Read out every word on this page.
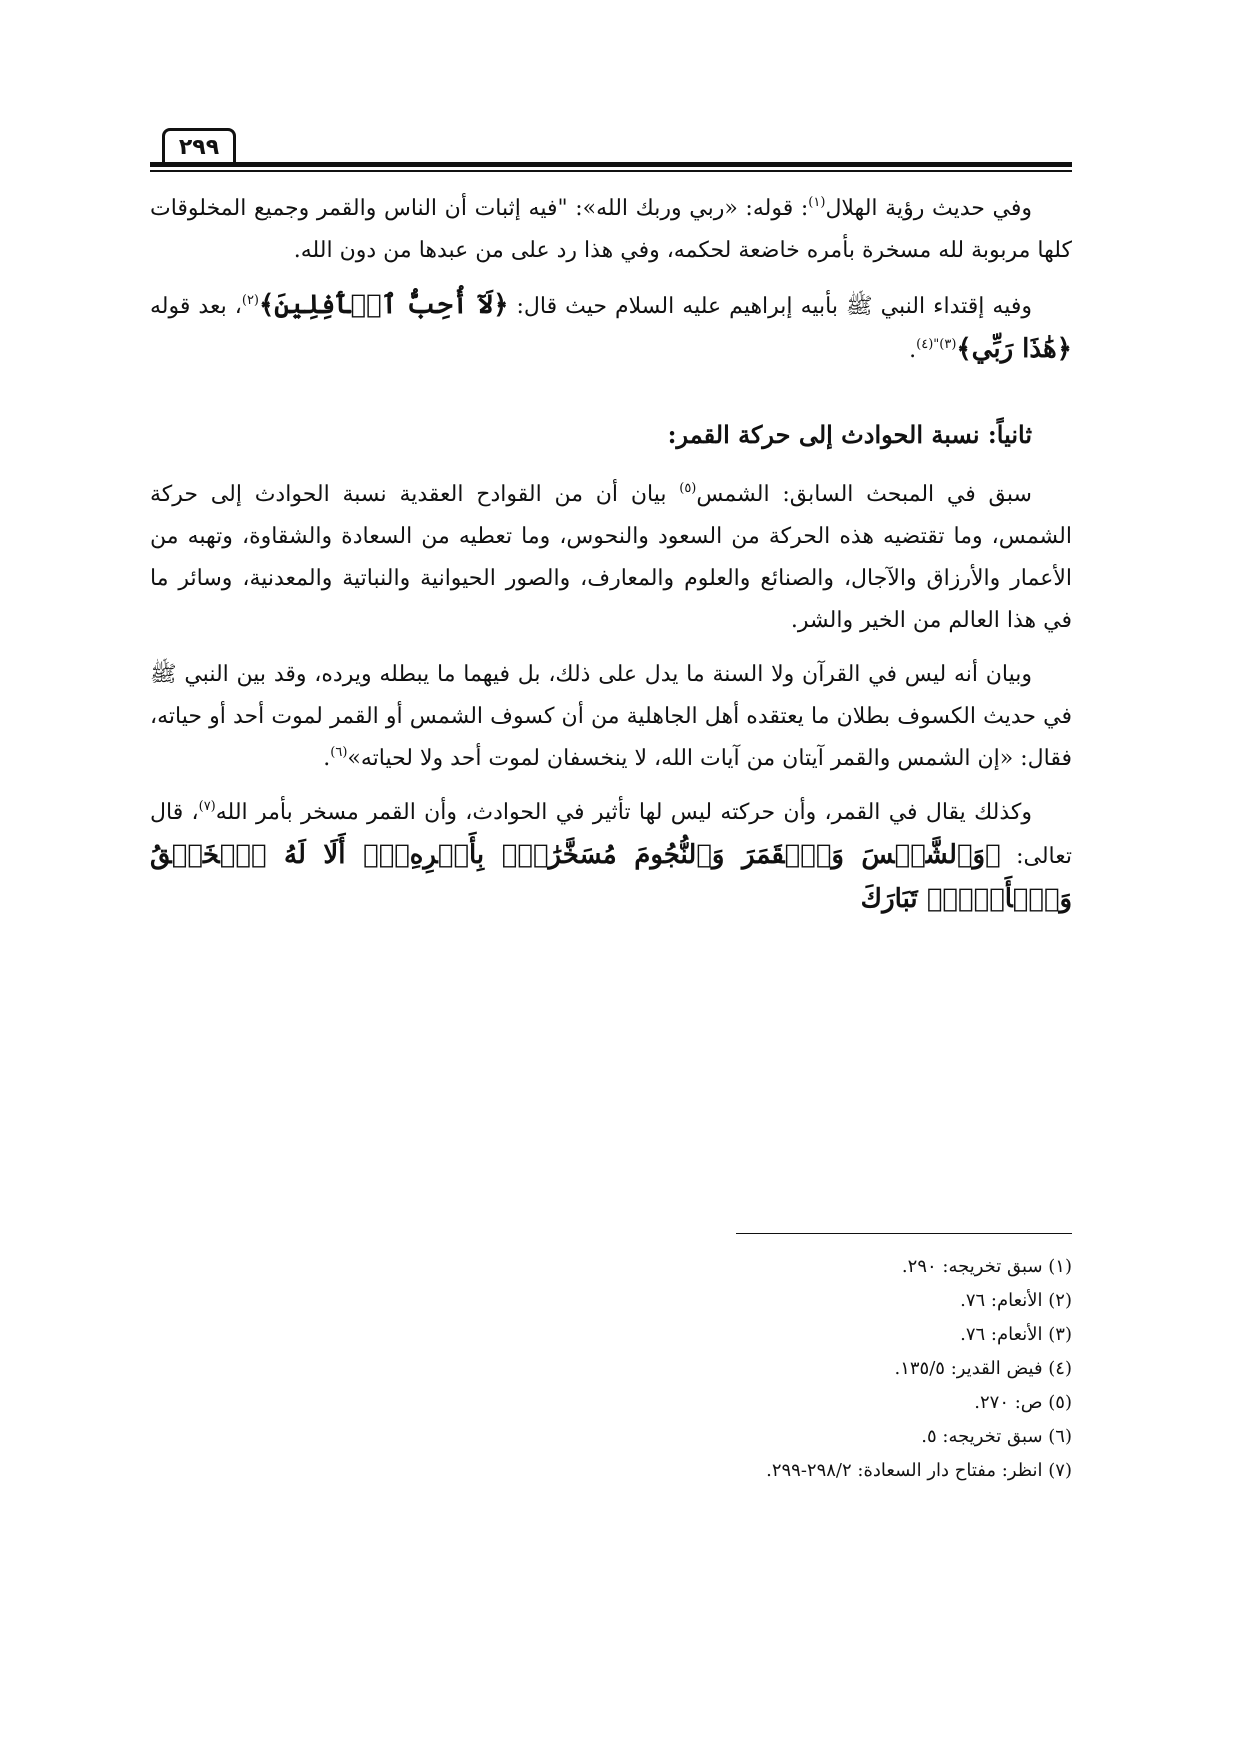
٢٩٩

وفي حديث رؤية الهلال$^{(١)}$: قوله: «ربي وربك الله»: "فيه إثبات أن الناس والقمر وجميع المخلوقات كلها مربوبة لله مسخرة بأمره خاضعة لحكمه، وفي هذا رد على من عبدها من دون الله.

وفيه إقتداء النبي ﷺ بأبيه إبراهيم عليه السلام حيث قال: ﴿لَآ أُحِبُّ ٱلۡأٓفِلِينَ﴾$^{(٢)}$، بعد قوله ﴿هَٰذَا رَبِّي﴾$^{(٣)"(٤)}$.

ثانياً: نسبة الحوادث إلى حركة القمر:

سبق في المبحث السابق: الشمس$^{(٥)}$ بيان أن من القوادح العقدية نسبة الحوادث إلى حركة الشمس، وما تقتضيه هذه الحركة من السعود والنحوس، وما تعطيه من السعادة والشقاوة، وتهبه من الأعمار والأرزاق والآجال، والصنائع والعلوم والمعارف، والصور الحيوانية والنباتية والمعدنية، وسائر ما في هذا العالم من الخير والشر.

وبيان أنه ليس في القرآن ولا السنة ما يدل على ذلك، بل فيهما ما يبطله ويرده، وقد بين النبي ﷺ في حديث الكسوف بطلان ما يعتقده أهل الجاهلية من أن كسوف الشمس أو القمر لموت أحد أو حياته، فقال: «إن الشمس والقمر آيتان من آيات الله، لا ينخسفان لموت أحد ولا لحياته»$^{(٦)}$.

وكذلك يقال في القمر، وأن حركته ليس لها تأثير في الحوادث، وأن القمر مسخر بأمر الله$^{(٧)}$، قال تعالى: ﴿وَٱلشَّمۡسَ وَٱلۡقَمَرَ وَٱلنُّجُومَ مُسَخَّرَٰتِۭ بِأَمۡرِهِۦٓۗ أَلَا لَهُ ٱلۡخَلۡقُ وَٱلۡأَمۡرُۗ تَبَارَكَ

(١) سبق تخريجه: ٢٩٠.
(٢) الأنعام: ٧٦.
(٣) الأنعام: ٧٦.
(٤) فيض القدير: ١٣٥/٥.
(٥) ص: ٢٧٠.
(٦) سبق تخريجه: ٥.
(٧) انظر: مفتاح دار السعادة: ٢٩٨/٢-٢٩٩.
